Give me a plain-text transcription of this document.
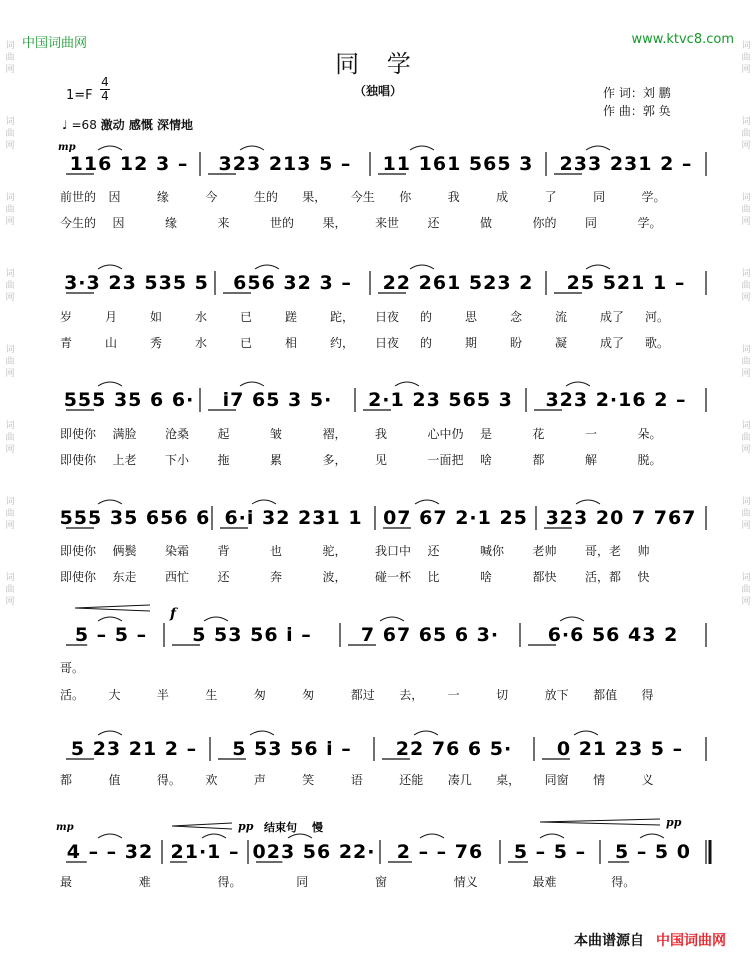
中国词曲网	www.ktvc8.com
词
曲
网
词
曲
网
词
曲
网
词
曲
网
词
曲
网
词
曲
网
词
曲
网
词
曲
网
词
曲
网
词
曲
网
词
曲
网
词
曲
网
词
曲
网
词
曲
网
词
曲
网
词
曲
网
同 学
（独唱）
1=F
4
4
♩ =68 激动 感慨 深情地
作 词：刘 鹏
作 曲：郭 奂
116 12 3 – 323 213 5 – 11 161 565 3 233 231 2 –
3·3 23 535 5 656 32 3 – 22 261 523 2 25 521 1 –
555 35 6 6· i7 65 3 5· 2·1 23 565 3 323 2·16 2 –
555 35 656 6 6·i 32 231 1 07 67 2·1 25 323 20 7 767
5 – 5 – 5 53 56 i –	7 67 65 6 3·	6·6 56 43 2
5 23 21 2 – 5 53 56 i – 22 76 6 5· 0 21 23 5 –
4 – – 32 21·1 – 023 56 22· 2 – – 76 5 – 5 – 5 – 5 0
mp
f
mp	pp	pp
结束句 慢
前世的 因	缘	今	生的 果， 今生 你	我	成	了	同	学。
今生的 因	缘	来	世的 果， 来世 还	做	你的 同	学。
岁	月	如	水	已	蹉	跎， 日夜 的	思	念	流	成了 河。
青	山	秀	水	已	相	约， 日夜 的	期	盼	凝	成了 歌。
即使你 满脸 沧桑 起	皱	褶， 我	心中仍 是	花	一	朵。
即使你 上老 下小 拖	累	多， 见	一面把 啥	都	解	脱。
即使你 俩鬓 染霜 背	也	驼， 我口中 还	喊你 老帅 哥，老 帅
即使你 东走 西忙 还	奔	波， 碰一杯 比	啥	都快 活，都 快
哥。
活。 大	半	生	匆	匆	都过 去， 一	切	放下 都值 得
都	值	得。 欢	声	笑	语	还能 凑几 桌， 同窗 情	义
最	难	得。	同	窗	情义	最难	得。
本曲谱源自 中国词曲网
